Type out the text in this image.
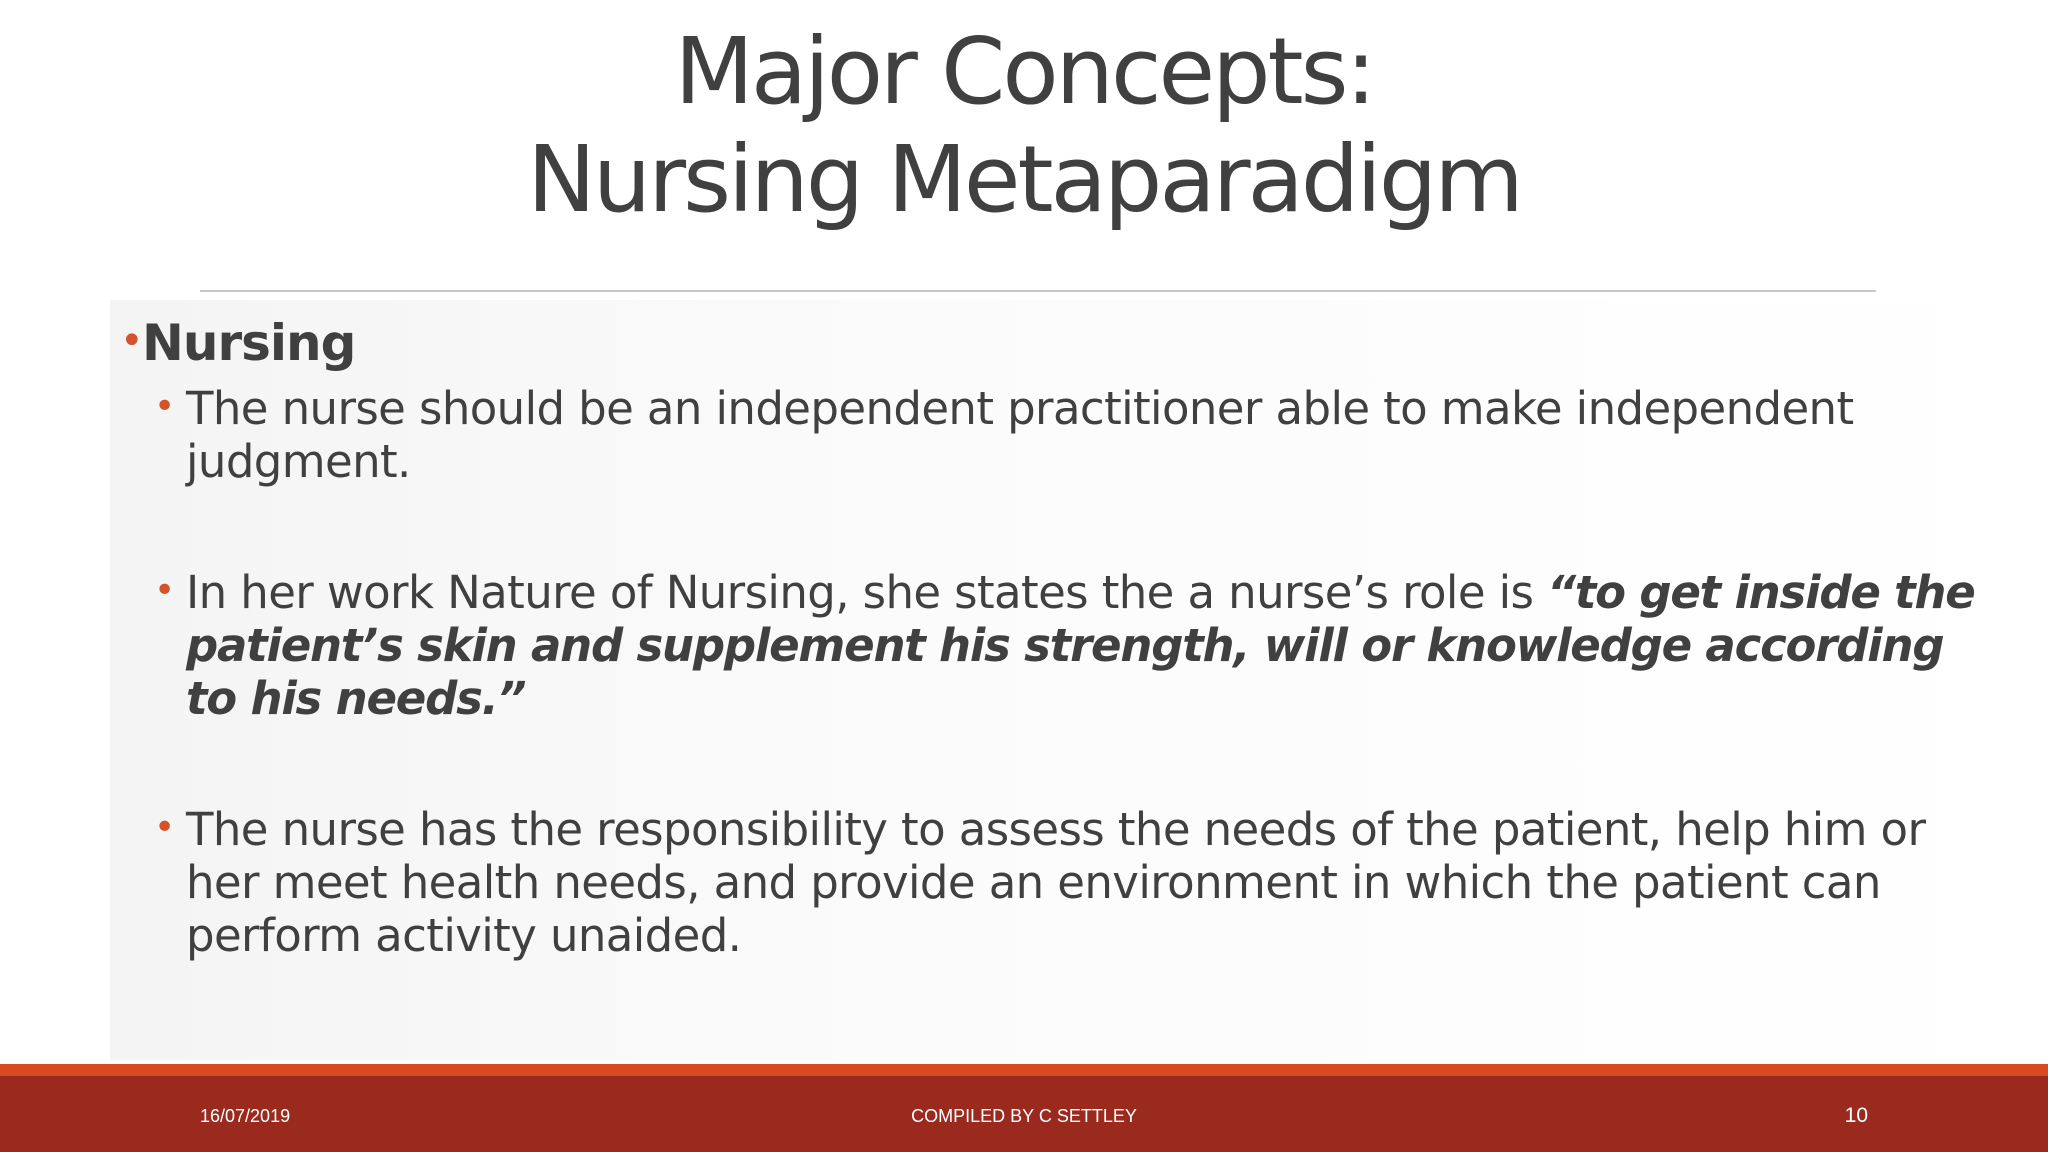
Major Concepts:
Nursing Metaparadigm
• Nursing
• The nurse should be an independent practitioner able to make independent judgment.
• In her work Nature of Nursing, she states the a nurse’s role is “to get inside the patient’s skin and supplement his strength, will or knowledge according to his needs.”
• The nurse has the responsibility to assess the needs of the patient, help him or her meet health needs, and provide an environment in which the patient can perform activity unaided.
16/07/2019	COMPILED BY C SETTLEY	10
